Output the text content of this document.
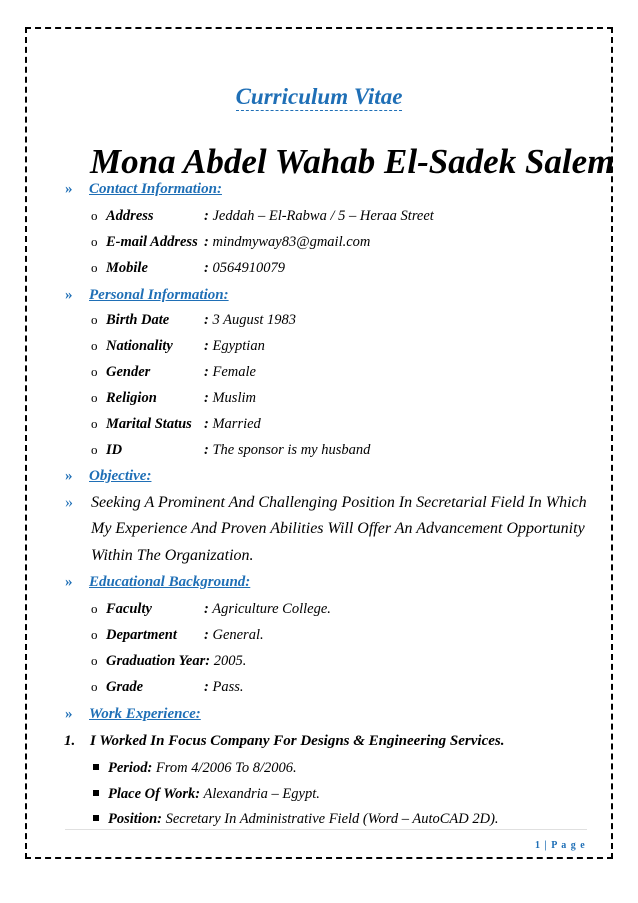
Curriculum Vitae
Mona Abdel Wahab El-Sadek Salem
» Contact Information:
o Address	: Jeddah – El-Rabwa / 5 – Heraa Street
o E-mail Address : mindmyway83@gmail.com
o Mobile	: 0564910079
» Personal Information:
o Birth Date : 3 August 1983
o Nationality : Egyptian
o Gender	: Female
o Religion	: Muslim
o Marital Status : Married
o ID	: The sponsor is my husband
» Objective:
» Seeking A Prominent And Challenging Position In Secretarial Field In Which
My Experience And Proven Abilities Will Offer An Advancement Opportunity
Within The Organization.
» Educational Background:
o Faculty	: Agriculture College.
o Department : General.
o Graduation Year: 2005.
o Grade	: Pass.
» Work Experience:
1. I Worked In Focus Company For Designs & Engineering Services.
Period: From 4/2006 To 8/2006.
Place Of Work: Alexandria – Egypt.
Position: Secretary In Administrative Field (Word – AutoCAD 2D).
1 | P a g e
